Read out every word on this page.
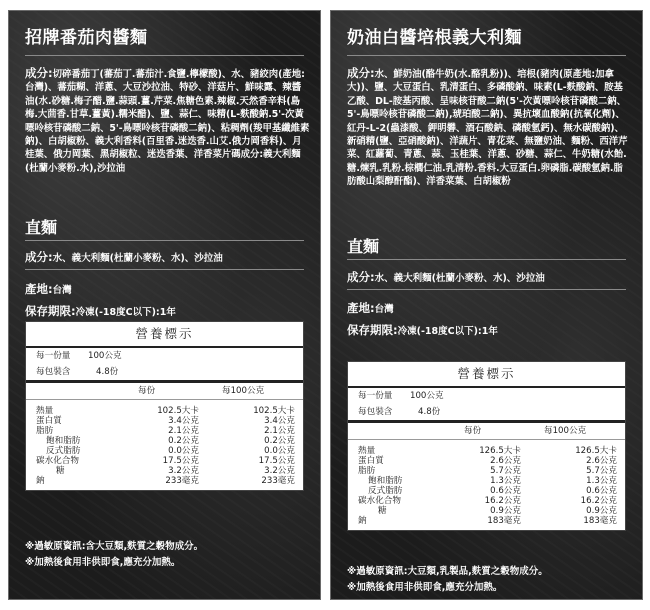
招牌番茄肉醬麵
成分:切碎番茄丁(蕃茄丁.蕃茄汁.食鹽.檸檬酸)、水、豬絞肉(產地:台灣)、蕃茄糊、洋蔥、大豆沙拉油、特砂、洋菇片、鮮味露、辣醬油(水.砂糖.梅子醋.鹽.蒜頭.薑.芹菜.焦糖色素.辣椒.天然香辛料(島梅.大茴香.甘草.薑黃).糯米醋)、鹽、蒜仁、味精(L-麩酸鈉.5'-次黃嘌呤核苷磷酸二鈉、5'-鳥嘌呤核苷磷酸二鈉)、粘稠劑(羧甲基纖維素鈉)、白胡椒粉、義大利香料(百里香.迷迭香.山艾.俄力岡香料)、月桂葉、俄力岡葉、黑胡椒粒、迷迭香葉、洋香菜片碼成分:義大利麵(杜蘭小麥粉.水),沙拉油
直麵
成分:水、義大利麵(杜蘭小麥粉、水)、沙拉油
產地:台灣
保存期限:冷凍(-18度C以下):1年
營養標示
每一份量 100公克
每包裝含	4.8份
每份	每100公克
熱量	102.5大卡	102.5大卡
蛋白質	3.4公克	3.4公克
脂肪	2.1公克	2.1公克
飽和脂肪	0.2公克	0.2公克
反式脂肪	0.0公克	0.0公克
碳水化合物	17.5公克	17.5公克
糖	3.2公克	3.2公克
鈉	233毫克	233毫克
※過敏原資訊:含大豆類,麩質之穀物成分。
※加熱後食用非供即食,應充分加熱。
奶油白醬培根義大利麵
成分:水、鮮奶油(酪牛奶(水.酪乳粉))、培根(豬肉(原產地:加拿大))、鹽、大豆蛋白、乳清蛋白、多磷酸鈉、味素(L-麩酸鈉、胺基乙酸、DL-胺基丙酸、呈味核苷酸二鈉(5'-次黃嘌呤核苷磷酸二鈉、5'-鳥嘌呤核苷磷酸二鈉),琥珀酸二鈉)、異抗壞血酸鈉(抗氧化劑)、紅丹-L-2(蟲漆酸、鉀明礬、酒石酸鈉、磷酸氫鈣)、無水碳酸鈉)、新硝精(鹽、亞硝酸鈉)、洋蔬片、青花菜、無鹽奶油、麵粉、西洋芹菜、紅蘿蔔、青蔥、蒜、玉桂葉、洋蔥、砂糖、蒜仁、牛奶糖(水飴.糖.煉乳.乳粉.棕櫚仁油.乳清粉.香料.大豆蛋白.卵磷脂.碳酸氫鈉.脂肪酸山梨醇酐酯)、洋香菜葉、白胡椒粉
直麵
成分:水、義大利麵(杜蘭小麥粉、水)、沙拉油
產地:台灣
保存期限:冷凍(-18度C以下):1年
營養標示
每一份量 100公克
每包裝含	4.8份
每份	每100公克
熱量	126.5大卡	126.5大卡
蛋白質	2.6公克	2.6公克
脂肪	5.7公克	5.7公克
飽和脂肪	1.3公克	1.3公克
反式脂肪	0.6公克	0.6公克
碳水化合物	16.2公克	16.2公克
糖	0.9公克	0.9公克
鈉	183毫克	183毫克
※過敏原資訊:大豆類,乳製品,麩質之穀物成分。
※加熱後食用非供即食,應充分加熱。
